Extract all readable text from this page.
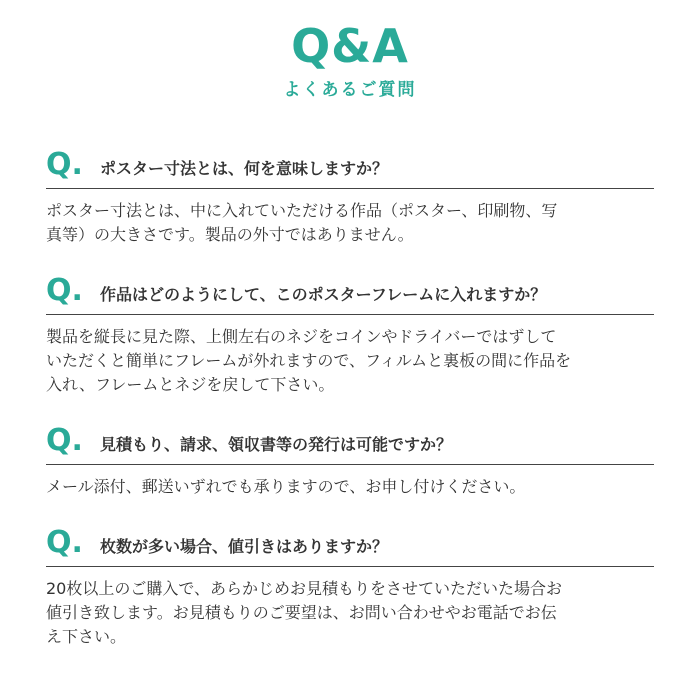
Q&A
よくあるご質問
Q. ポスター寸法とは、何を意味しますか？
ポスター寸法とは、中に入れていただける作品（ポスター、印刷物、写
真等）の大きさです。製品の外寸ではありません。
Q. 作品はどのようにして、このポスターフレームに入れますか？
製品を縦長に見た際、上側左右のネジをコインやドライバーではずして
いただくと簡単にフレームが外れますので、フィルムと裏板の間に作品を
入れ、フレームとネジを戻して下さい。
Q. 見積もり、請求、領収書等の発行は可能ですか？
メール添付、郵送いずれでも承りますので、お申し付けください。
Q. 枚数が多い場合、値引きはありますか？
20枚以上のご購入で、あらかじめお見積もりをさせていただいた場合お
値引き致します。お見積もりのご要望は、お問い合わせやお電話でお伝
え下さい。
